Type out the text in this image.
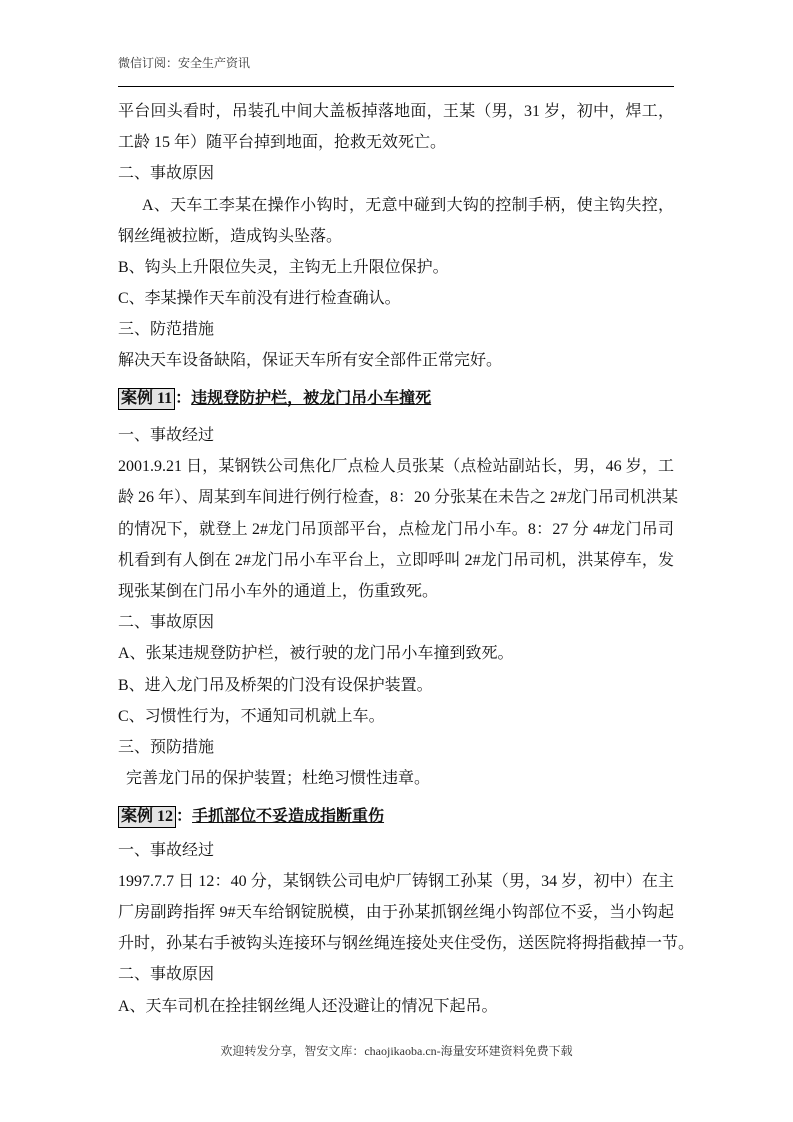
微信订阅：安全生产资讯
平台回头看时，吊装孔中间大盖板掉落地面，王某（男，31 岁，初中，焊工，
工龄 15 年）随平台掉到地面，抢救无效死亡。
二、事故原因
A、天车工李某在操作小钩时，无意中碰到大钩的控制手柄，使主钩失控，
钢丝绳被拉断，造成钩头坠落。
B、钩头上升限位失灵，主钩无上升限位保护。
C、李某操作天车前没有进行检查确认。
三、防范措施
解决天车设备缺陷，保证天车所有安全部件正常完好。
案例 11 ：违规登防护栏，被龙门吊小车撞死
一、事故经过
2001.9.21 日，某钢铁公司焦化厂点检人员张某（点检站副站长，男，46 岁，工
龄 26 年）、周某到车间进行例行检查，8：20 分张某在未告之 2#龙门吊司机洪某
的情况下，就登上 2#龙门吊顶部平台，点检龙门吊小车。8：27 分 4#龙门吊司
机看到有人倒在 2#龙门吊小车平台上，立即呼叫 2#龙门吊司机，洪某停车，发
现张某倒在门吊小车外的通道上，伤重致死。
二、事故原因
A、张某违规登防护栏，被行驶的龙门吊小车撞到致死。
B、进入龙门吊及桥架的门没有设保护装置。
C、习惯性行为，不通知司机就上车。
三、预防措施
完善龙门吊的保护装置；杜绝习惯性违章。
案例 12 ：手抓部位不妥造成指断重伤
一、事故经过
1997.7.7 日 12：40 分，某钢铁公司电炉厂铸钢工孙某（男，34 岁，初中）在主
厂房副跨指挥 9#天车给钢锭脱模，由于孙某抓钢丝绳小钩部位不妥，当小钩起
升时，孙某右手被钩头连接环与钢丝绳连接处夹住受伤，送医院将拇指截掉一节。
二、事故原因
A、天车司机在拴挂钢丝绳人还没避让的情况下起吊。
欢迎转发分享，智安文库：chaojikaoba.cn-海量安环建资料免费下载
